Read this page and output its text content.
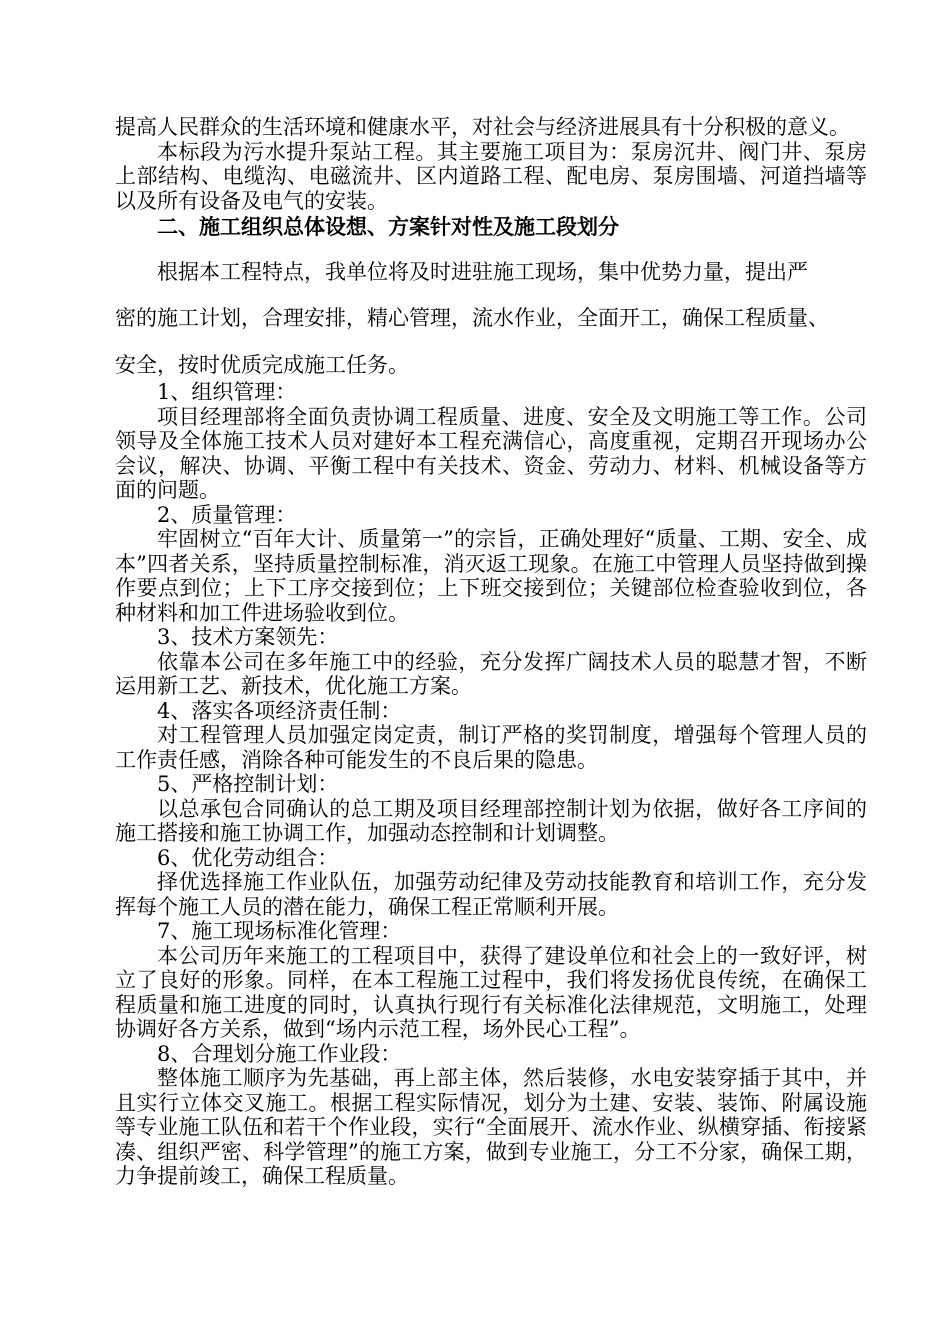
提高人民群众的生活环境和健康水平，对社会与经济进展具有十分积极的意义。

本标段为污水提升泵站工程。其主要施工项目为：泵房沉井、阀门井、泵房上部结构、电缆沟、电磁流井、区内道路工程、配电房、泵房围墙、河道挡墙等以及所有设备及电气的安装。

二、施工组织总体设想、方案针对性及施工段划分

根据本工程特点，我单位将及时进驻施工现场，集中优势力量，提出严
密的施工计划，合理安排，精心管理，流水作业，全面开工，确保工程质量、
安全，按时优质完成施工任务。

1、组织管理：

项目经理部将全面负责协调工程质量、进度、安全及文明施工等工作。公司领导及全体施工技术人员对建好本工程充满信心，高度重视，定期召开现场办公会议，解决、协调、平衡工程中有关技术、资金、劳动力、材料、机械设备等方面的问题。

2、质量管理：

牢固树立“百年大计、质量第一”的宗旨，正确处理好“质量、工期、安全、成本”四者关系，坚持质量控制标准，消灭返工现象。在施工中管理人员坚持做到操作要点到位；上下工序交接到位；上下班交接到位；关键部位检查验收到位，各种材料和加工件进场验收到位。

3、技术方案领先：

依靠本公司在多年施工中的经验，充分发挥广阔技术人员的聪慧才智，不断运用新工艺、新技术，优化施工方案。

4、落实各项经济责任制：

对工程管理人员加强定岗定责，制订严格的奖罚制度，增强每个管理人员的工作责任感，消除各种可能发生的不良后果的隐患。

5、严格控制计划：

以总承包合同确认的总工期及项目经理部控制计划为依据，做好各工序间的施工搭接和施工协调工作，加强动态控制和计划调整。

6、优化劳动组合：

择优选择施工作业队伍，加强劳动纪律及劳动技能教育和培训工作，充分发挥每个施工人员的潜在能力，确保工程正常顺利开展。

7、施工现场标准化管理：

本公司历年来施工的工程项目中，获得了建设单位和社会上的一致好评，树立了良好的形象。同样，在本工程施工过程中，我们将发扬优良传统，在确保工程质量和施工进度的同时，认真执行现行有关标准化法律规范，文明施工，处理协调好各方关系，做到“场内示范工程，场外民心工程”。

8、合理划分施工作业段：

整体施工顺序为先基础，再上部主体，然后装修，水电安装穿插于其中，并且实行立体交叉施工。根据工程实际情况，划分为土建、安装、装饰、附属设施等专业施工队伍和若干个作业段，实行“全面展开、流水作业、纵横穿插、衔接紧凑、组织严密、科学管理”的施工方案，做到专业施工，分工不分家，确保工期，力争提前竣工，确保工程质量。
